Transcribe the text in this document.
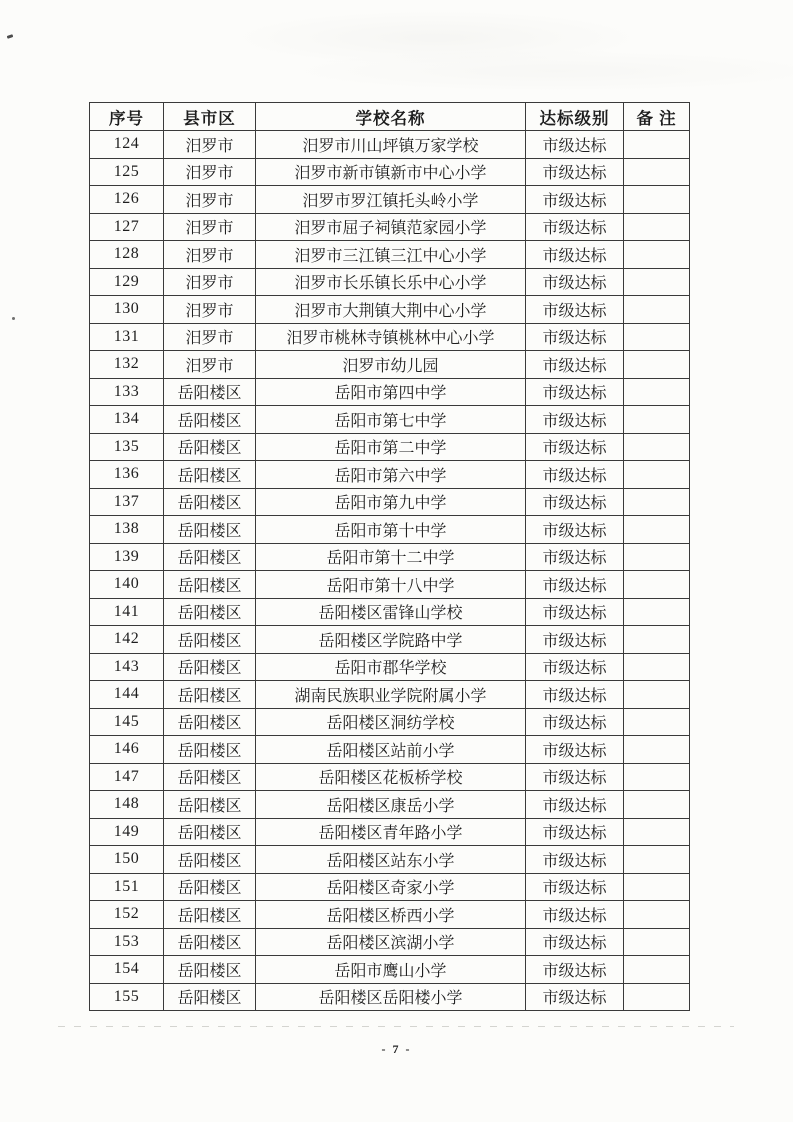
序号	县市区	学校名称	达标级别	备 注
124	汨罗市	汨罗市川山坪镇万家学校	市级达标	
125	汨罗市	汨罗市新市镇新市中心小学	市级达标	
126	汨罗市	汨罗市罗江镇托头岭小学	市级达标	
127	汨罗市	汨罗市屈子祠镇范家园小学	市级达标	
128	汨罗市	汨罗市三江镇三江中心小学	市级达标	
129	汨罗市	汨罗市长乐镇长乐中心小学	市级达标	
130	汨罗市	汨罗市大荆镇大荆中心小学	市级达标	
131	汨罗市	汨罗市桃林寺镇桃林中心小学	市级达标	
132	汨罗市	汨罗市幼儿园	市级达标	
133	岳阳楼区	岳阳市第四中学	市级达标	
134	岳阳楼区	岳阳市第七中学	市级达标	
135	岳阳楼区	岳阳市第二中学	市级达标	
136	岳阳楼区	岳阳市第六中学	市级达标	
137	岳阳楼区	岳阳市第九中学	市级达标	
138	岳阳楼区	岳阳市第十中学	市级达标	
139	岳阳楼区	岳阳市第十二中学	市级达标	
140	岳阳楼区	岳阳市第十八中学	市级达标	
141	岳阳楼区	岳阳楼区雷锋山学校	市级达标	
142	岳阳楼区	岳阳楼区学院路中学	市级达标	
143	岳阳楼区	岳阳市郡华学校	市级达标	
144	岳阳楼区	湖南民族职业学院附属小学	市级达标	
145	岳阳楼区	岳阳楼区洞纺学校	市级达标	
146	岳阳楼区	岳阳楼区站前小学	市级达标	
147	岳阳楼区	岳阳楼区花板桥学校	市级达标	
148	岳阳楼区	岳阳楼区康岳小学	市级达标	
149	岳阳楼区	岳阳楼区青年路小学	市级达标	
150	岳阳楼区	岳阳楼区站东小学	市级达标	
151	岳阳楼区	岳阳楼区奇家小学	市级达标	
152	岳阳楼区	岳阳楼区桥西小学	市级达标	
153	岳阳楼区	岳阳楼区滨湖小学	市级达标	
154	岳阳楼区	岳阳市鹰山小学	市级达标	
155	岳阳楼区	岳阳楼区岳阳楼小学	市级达标	
- 7 -
